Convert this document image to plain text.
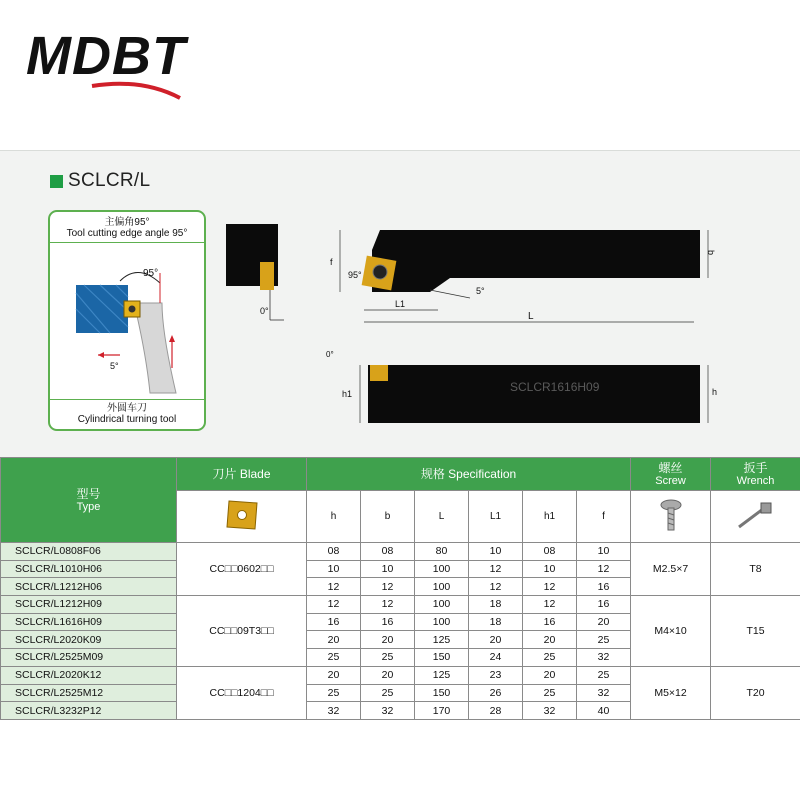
MDBT
SCLCR/L
主偏角95°
Tool cutting edge angle 95°
95°
5°
外圆车刀
Cylindrical turning tool
0°
f
95°
5°
b
L1
L
SCLCR1616H09
h1
0°
h
型号
Type	刀片 Blade	规格 Specification						螺丝
Screw	扳手
Wrench

	h	b	L	L1	h1	f		
SCLCR/L0808F06	CC□□0602□□	08	08	80	10	08	10	M2.5×7	T8
SCLCR/L1010H06		10	10	100	12	10	12		
SCLCR/L1212H06		12	12	100	12	12	16		
SCLCR/L1212H09	CC□□09T3□□	12	12	100	18	12	16	M4×10	T15
SCLCR/L1616H09		16	16	100	18	16	20		
SCLCR/L2020K09		20	20	125	20	20	25		
SCLCR/L2525M09		25	25	150	24	25	32		
SCLCR/L2020K12	CC□□1204□□	20	20	125	23	20	25	M5×12	T20
SCLCR/L2525M12		25	25	150	26	25	32		
SCLCR/L3232P12		32	32	170	28	32	40		
